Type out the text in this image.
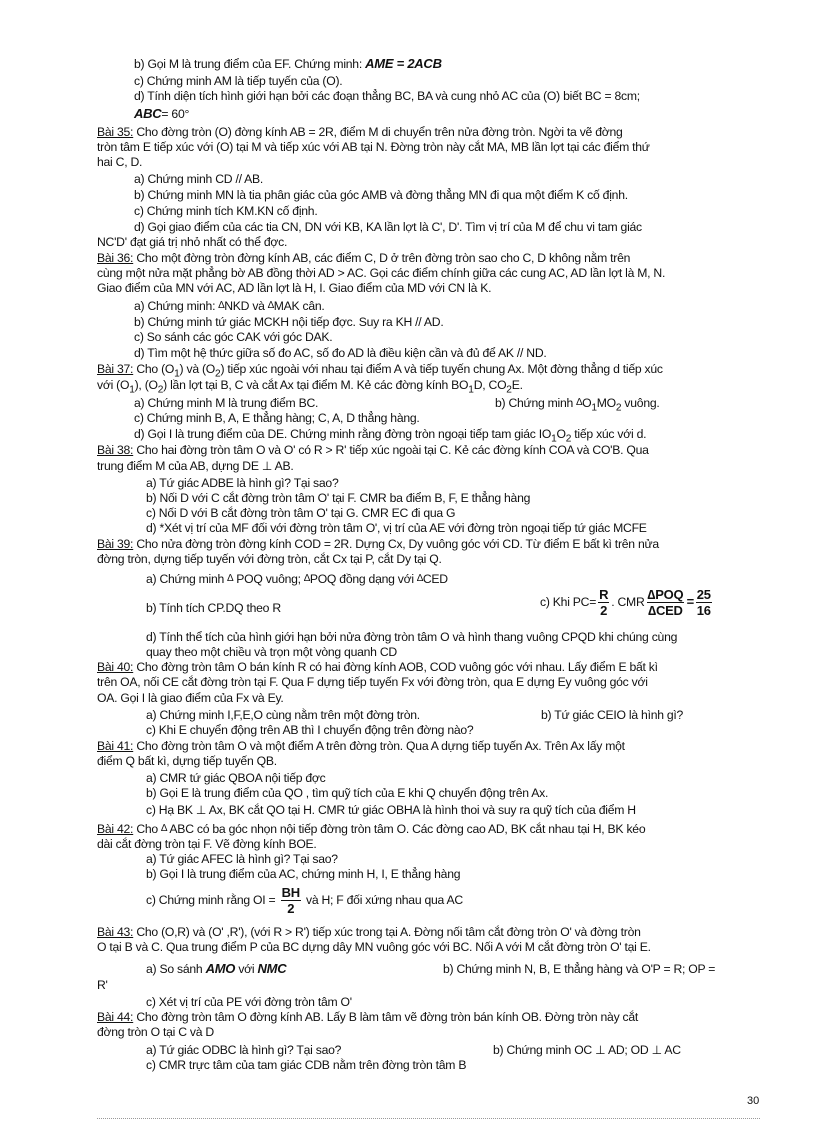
b) Gọi M là trung điểm của EF. Chứng minh: AME = 2ACB
c) Chứng minh AM là tiếp tuyến của (O).
d) Tính diện tích hình giới hạn bởi các đoạn thẳng BC, BA và cung nhỏ AC của (O) biết BC = 8cm;
ABC= 60°
Bài 35: Cho đờng tròn (O) đờng kính AB = 2R, điểm M di chuyển trên nửa đờng tròn. Ngời ta vẽ đờng
tròn tâm E tiếp xúc với (O) tại M và tiếp xúc với AB tại N. Đờng tròn này cắt MA, MB lần lợt tại các điểm thứ
hai C, D.
a) Chứng minh CD // AB.
b) Chứng minh MN là tia phân giác của góc AMB và đờng thẳng MN đi qua một điểm K cố định.
c) Chứng minh tích KM.KN cố định.
d) Gọi giao điểm của các tia CN, DN với KB, KA lần lợt là C', D'. Tìm vị trí của M để chu vi tam giác
NC'D' đạt giá trị nhỏ nhất có thể đợc.
Bài 36: Cho một đờng tròn đờng kính AB, các điểm C, D ở trên đờng tròn sao cho C, D không nằm trên
cùng một nửa mặt phẳng bờ AB đồng thời AD > AC. Gọi các điểm chính giữa các cung AC, AD lần lợt là M, N.
Giao điểm của MN với AC, AD lần lợt là H, I. Giao điểm của MD với CN là K.
a) Chứng minh: ∆NKD và ∆MAK cân.
b) Chứng minh tứ giác MCKH nội tiếp đợc. Suy ra KH // AD.
c) So sánh các góc CAK với góc DAK.
d) Tìm một hệ thức giữa số đo AC, số đo AD là điều kiện cần và đủ để AK // ND.
Bài 37: Cho $(O_1)$ và $(O_2)$ tiếp xúc ngoài với nhau tại điểm A và tiếp tuyến chung Ax. Một đờng thẳng d tiếp xúc
với $(O_1)$, $(O_2)$ lần lợt tại B, C và cắt Ax tại điểm M. Kẻ các đờng kính $BO_1D$, $CO_2E$.
a) Chứng minh M là trung điểm BC.	b) Chứng minh $\Delta O_1MO_2$ vuông.
c) Chứng minh B, A, E thẳng hàng; C, A, D thẳng hàng.
d) Gọi I là trung điểm của DE. Chứng minh rằng đờng tròn ngoại tiếp tam giác $IO_1O_2$ tiếp xúc với d.
Bài 38: Cho hai đờng tròn tâm O và O' có R > R' tiếp xúc ngoài tại C. Kẻ các đờng kính COA và CO'B. Qua
trung điểm M của AB, dựng DE ⊥ AB.
a) Tứ giác ADBE là hình gì? Tại sao?
b) Nối D với C cắt đờng tròn tâm O' tại F. CMR ba điểm B, F, E thẳng hàng
c) Nối D với B cắt đờng tròn tâm O' tại G. CMR EC đi qua G
d) *Xét vị trí của MF đối với đờng tròn tâm O', vị trí của AE với đờng tròn ngoại tiếp tứ giác MCFE
Bài 39: Cho nửa đờng tròn đờng kính COD = 2R. Dựng Cx, Dy vuông góc với CD. Từ điểm E bất kì trên nửa
đờng tròn, dựng tiếp tuyến với đờng tròn, cắt Cx tại P, cắt Dy tại Q.
a) Chứng minh ∆ POQ vuông; ∆POQ đồng dạng với ∆CED
b) Tính tích CP.DQ theo R	c) Khi $PC= \frac{R}{2}$ . CMR $\frac{\text{∆POQ}}{\text{∆CED}} = \frac{25}{16}$
d) Tính thể tích của hình giới hạn bởi nửa đờng tròn tâm O và hình thang vuông CPQD khi chúng cùng
quay theo một chiều và trọn một vòng quanh CD
Bài 40: Cho đờng tròn tâm O bán kính R có hai đờng kính AOB, COD vuông góc với nhau. Lấy điểm E bất kì
trên OA, nối CE cắt đờng tròn tại F. Qua F dựng tiếp tuyến Fx với đờng tròn, qua E dựng Ey vuông góc với
OA. Gọi I là giao điểm của Fx và Ey.
a) Chứng minh I,F,E,O cùng nằm trên một đờng tròn.	b) Tứ giác CEIO là hình gì?
c) Khi E chuyển động trên AB thì I chuyển động trên đờng nào?
Bài 41: Cho đờng tròn tâm O và một điểm A trên đờng tròn. Qua A dựng tiếp tuyến Ax. Trên Ax lấy một
điểm Q bất kì, dựng tiếp tuyến QB.
a) CMR tứ giác QBOA nội tiếp đợc
b) Gọi E là trung điểm của QO , tìm quỹ tích của E khi Q chuyển động trên Ax.
c) Hạ BK ⊥ Ax, BK cắt QO tại H. CMR tứ giác OBHA là hình thoi và suy ra quỹ tích của điểm H
Bài 42: Cho ∆ ABC có ba góc nhọn nội tiếp đờng tròn tâm O. Các đờng cao AD, BK cắt nhau tại H, BK kéo
dài cắt đờng tròn tại F. Vẽ đờng kính BOE.
a) Tứ giác AFEC là hình gì? Tại sao?
b) Gọi I là trung điểm của AC, chứng minh H, I, E thẳng hàng
c) Chứng minh rằng OI = $\frac{BH}{2}$ và H; F đối xứng nhau qua AC
Bài 43: Cho (O,R) và (O' ,R'), (với R > R') tiếp xúc trong tại A. Đờng nối tâm cắt đờng tròn O' và đờng tròn
O tại B và C. Qua trung điểm P của BC dựng dây MN vuông góc với BC. Nối A với M cắt đờng tròn O' tại E.
a) So sánh AMO với NMC	b) Chứng minh N, B, E thẳng hàng và O'P = R; OP =
R'
c) Xét vị trí của PE với đờng tròn tâm O'
Bài 44: Cho đờng tròn tâm O đờng kính AB. Lấy B làm tâm vẽ đờng tròn bán kính OB. Đờng tròn này cắt
đờng tròn O tại C và D
a) Tứ giác ODBC là hình gì? Tại sao?	b) Chứng minh OC ⊥ AD; OD ⊥ AC
c) CMR trực tâm của tam giác CDB nằm trên đờng tròn tâm B
30
